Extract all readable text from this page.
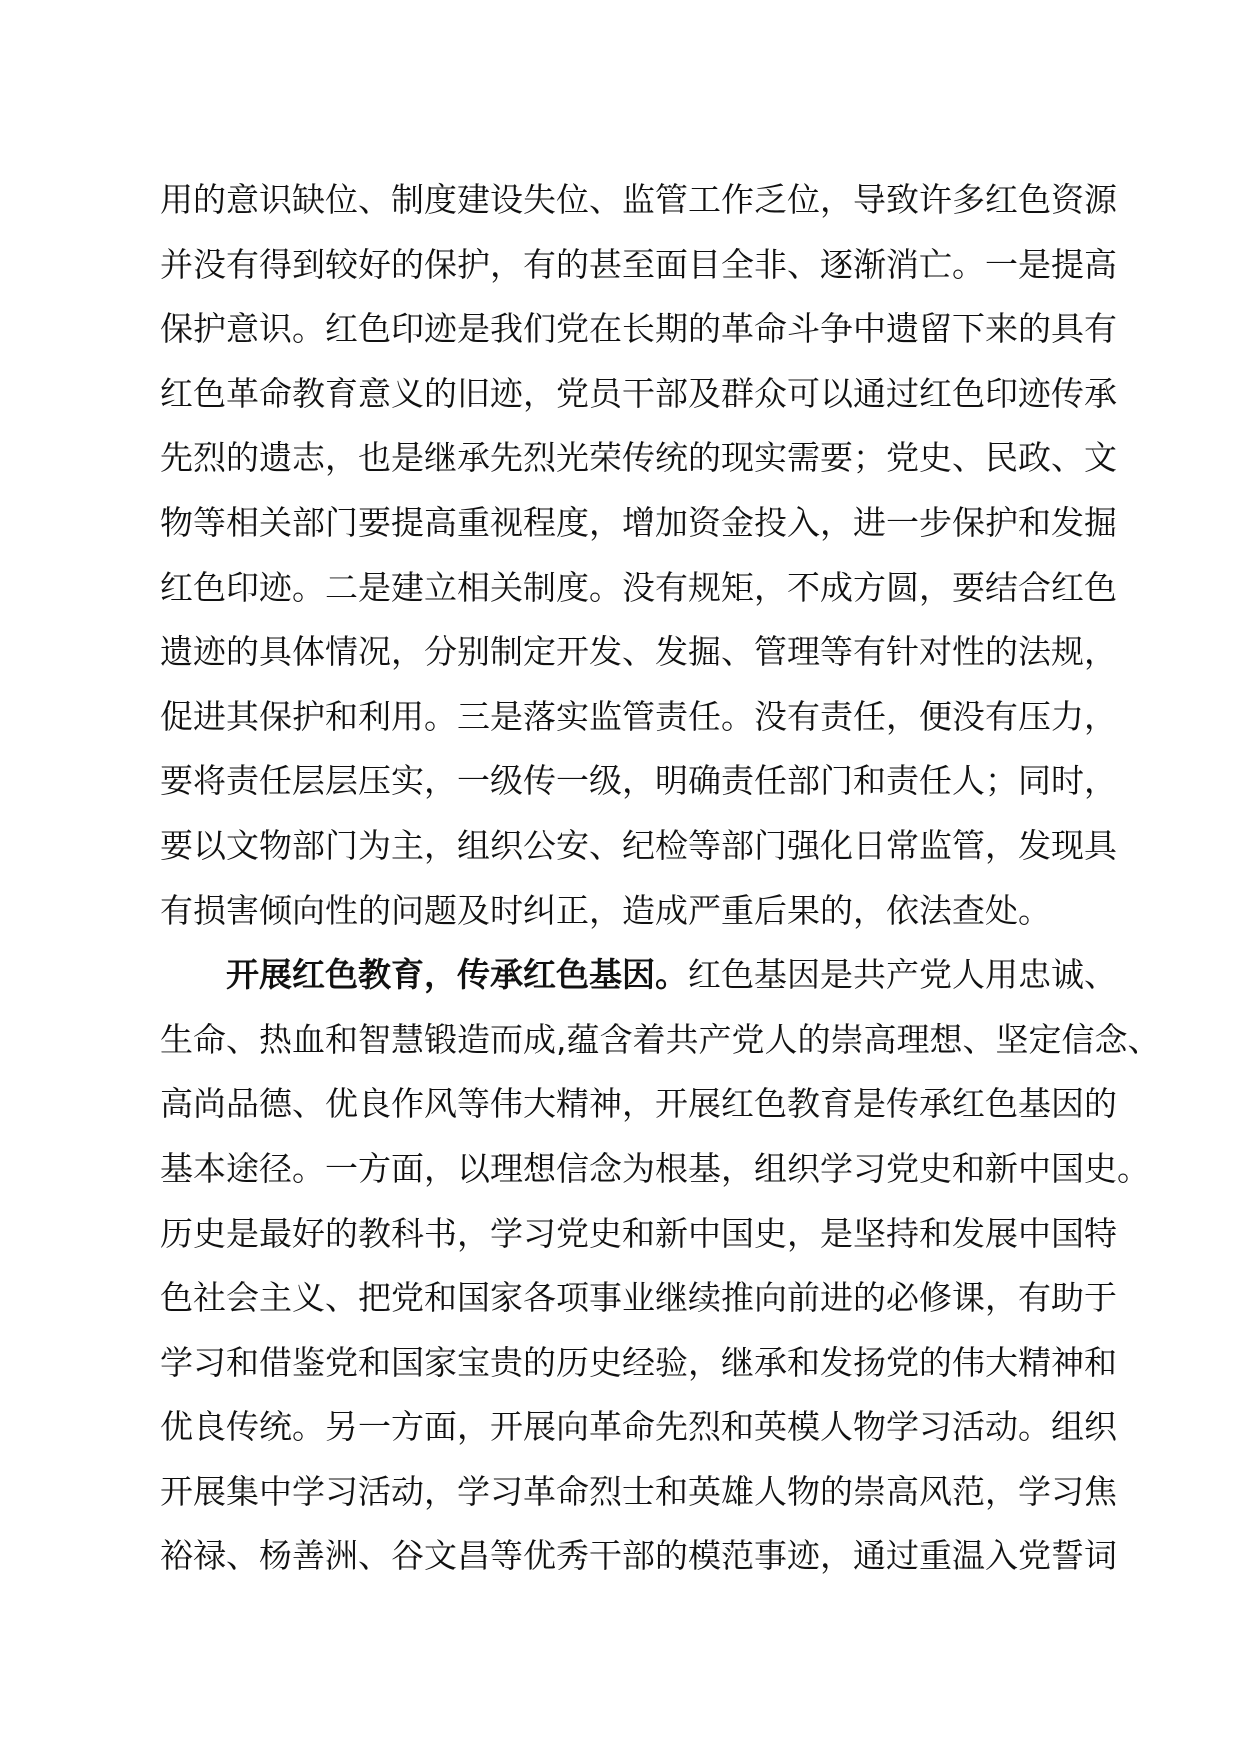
用的意识缺位、制度建设失位、监管工作乏位，导致许多红色资源
并没有得到较好的保护，有的甚至面目全非、逐渐消亡。一是提高
保护意识。红色印迹是我们党在长期的革命斗争中遗留下来的具有
红色革命教育意义的旧迹，党员干部及群众可以通过红色印迹传承
先烈的遗志，也是继承先烈光荣传统的现实需要；党史、民政、文
物等相关部门要提高重视程度，增加资金投入，进一步保护和发掘
红色印迹。二是建立相关制度。没有规矩，不成方圆，要结合红色
遗迹的具体情况，分别制定开发、发掘、管理等有针对性的法规，
促进其保护和利用。三是落实监管责任。没有责任，便没有压力，
要将责任层层压实，一级传一级，明确责任部门和责任人；同时，
要以文物部门为主，组织公安、纪检等部门强化日常监管，发现具
有损害倾向性的问题及时纠正，造成严重后果的，依法查处。
开展红色教育，传承红色基因。红色基因是共产党人用忠诚、
生命、热血和智慧锻造而成,蕴含着共产党人的崇高理想、坚定信念、
高尚品德、优良作风等伟大精神，开展红色教育是传承红色基因的
基本途径。一方面，以理想信念为根基，组织学习党史和新中国史。
历史是最好的教科书，学习党史和新中国史，是坚持和发展中国特
色社会主义、把党和国家各项事业继续推向前进的必修课，有助于
学习和借鉴党和国家宝贵的历史经验，继承和发扬党的伟大精神和
优良传统。另一方面，开展向革命先烈和英模人物学习活动。组织
开展集中学习活动，学习革命烈士和英雄人物的崇高风范，学习焦
裕禄、杨善洲、谷文昌等优秀干部的模范事迹，通过重温入党誓词
